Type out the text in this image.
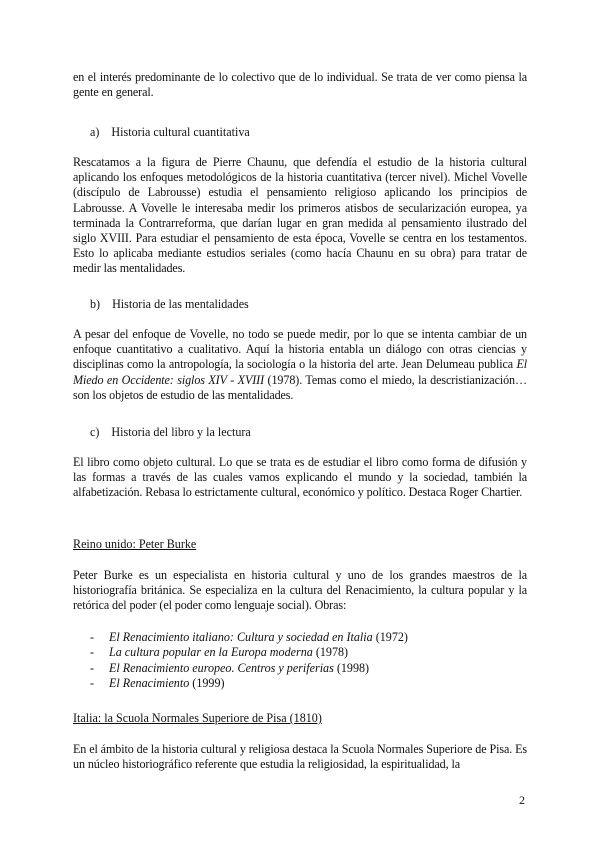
en el interés predominante de lo colectivo que de lo individual. Se trata de ver como piensa la gente en general.

a) Historia cultural cuantitativa

Rescatamos a la figura de Pierre Chaunu, que defendía el estudio de la historia cultural aplicando los enfoques metodológicos de la historia cuantitativa (tercer nivel). Michel Vovelle (discípulo de Labrousse) estudia el pensamiento religioso aplicando los principios de Labrousse. A Vovelle le interesaba medir los primeros atisbos de secularización europea, ya terminada la Contrarreforma, que darían lugar en gran medida al pensamiento ilustrado del siglo XVIII. Para estudiar el pensamiento de esta época, Vovelle se centra en los testamentos. Esto lo aplicaba mediante estudios seriales (como hacía Chaunu en su obra) para tratar de medir las mentalidades.

b) Historia de las mentalidades

A pesar del enfoque de Vovelle, no todo se puede medir, por lo que se intenta cambiar de un enfoque cuantitativo a cualitativo. Aquí la historia entabla un diálogo con otras ciencias y disciplinas como la antropología, la sociología o la historia del arte. Jean Delumeau publica El Miedo en Occidente: siglos XIV - XVIII (1978). Temas como el miedo, la descristianización… son los objetos de estudio de las mentalidades.

c) Historia del libro y la lectura

El libro como objeto cultural. Lo que se trata es de estudiar el libro como forma de difusión y las formas a través de las cuales vamos explicando el mundo y la sociedad, también la alfabetización. Rebasa lo estrictamente cultural, económico y político. Destaca Roger Chartier.

Reino unido: Peter Burke

Peter Burke es un especialista en historia cultural y uno de los grandes maestros de la historiografía británica. Se especializa en la cultura del Renacimiento, la cultura popular y la retórica del poder (el poder como lenguaje social). Obras:

-	El Renacimiento italiano: Cultura y sociedad en Italia (1972)
-	La cultura popular en la Europa moderna (1978)
-	El Renacimiento europeo. Centros y periferias (1998)
-	El Renacimiento (1999)

Italia: la Scuola Normales Superiore de Pisa (1810)

En el ámbito de la historia cultural y religiosa destaca la Scuola Normales Superiore de Pisa. Es un núcleo historiográfico referente que estudia la religiosidad, la espiritualidad, la

2
